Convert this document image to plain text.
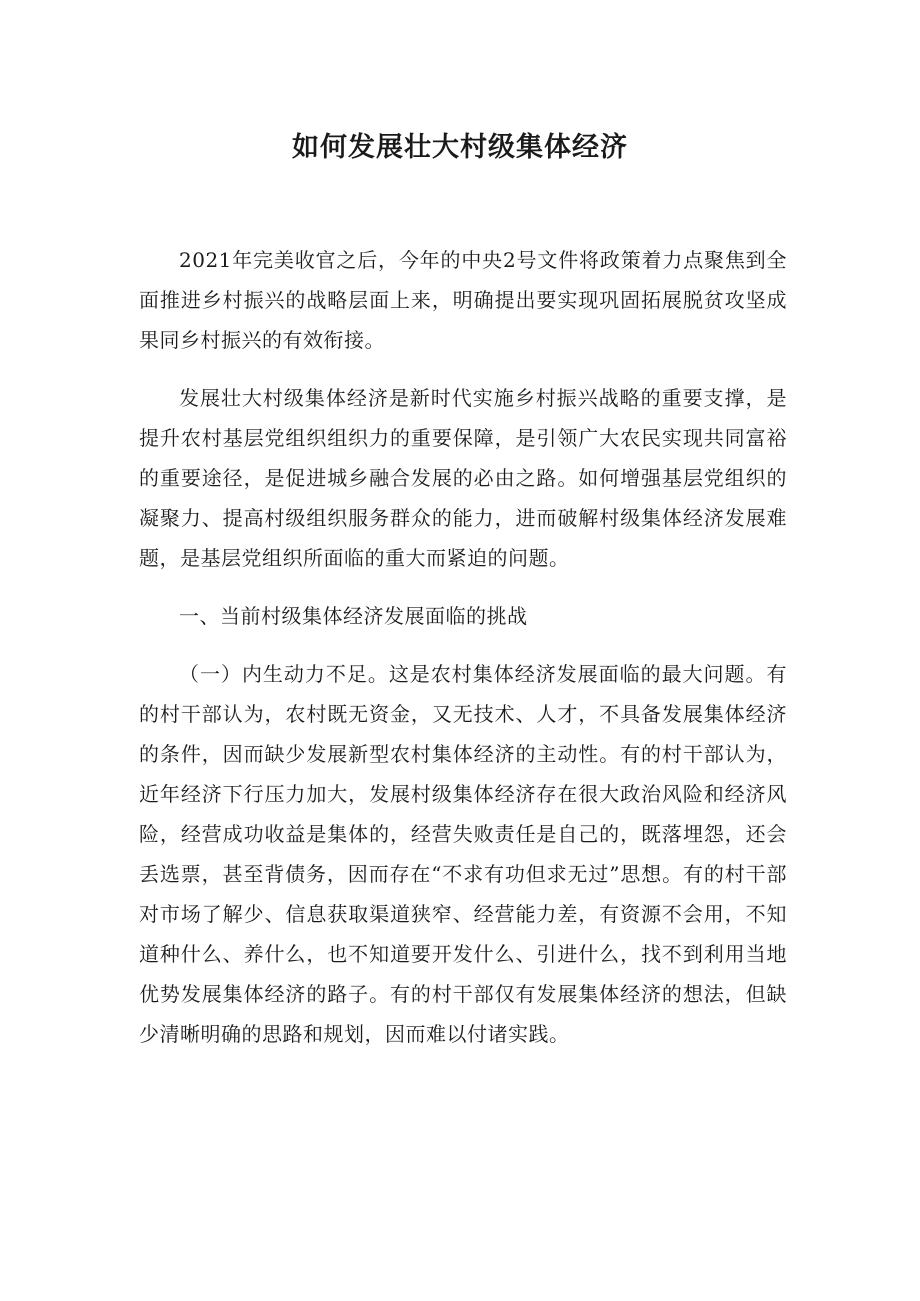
如何发展壮大村级集体经济

2021年完美收官之后，今年的中央2号文件将政策着力点聚焦到全面推进乡村振兴的战略层面上来，明确提出要实现巩固拓展脱贫攻坚成果同乡村振兴的有效衔接。

发展壮大村级集体经济是新时代实施乡村振兴战略的重要支撑，是提升农村基层党组织组织力的重要保障，是引领广大农民实现共同富裕的重要途径，是促进城乡融合发展的必由之路。如何增强基层党组织的凝聚力、提高村级组织服务群众的能力，进而破解村级集体经济发展难题，是基层党组织所面临的重大而紧迫的问题。

一、当前村级集体经济发展面临的挑战

（一）内生动力不足。这是农村集体经济发展面临的最大问题。有的村干部认为，农村既无资金，又无技术、人才，不具备发展集体经济的条件，因而缺少发展新型农村集体经济的主动性。有的村干部认为，近年经济下行压力加大，发展村级集体经济存在很大政治风险和经济风险，经营成功收益是集体的，经营失败责任是自己的，既落埋怨，还会丢选票，甚至背债务，因而存在“不求有功但求无过”思想。有的村干部对市场了解少、信息获取渠道狭窄、经营能力差，有资源不会用，不知道种什么、养什么，也不知道要开发什么、引进什么，找不到利用当地优势发展集体经济的路子。有的村干部仅有发展集体经济的想法，但缺少清晰明确的思路和规划，因而难以付诸实践。
